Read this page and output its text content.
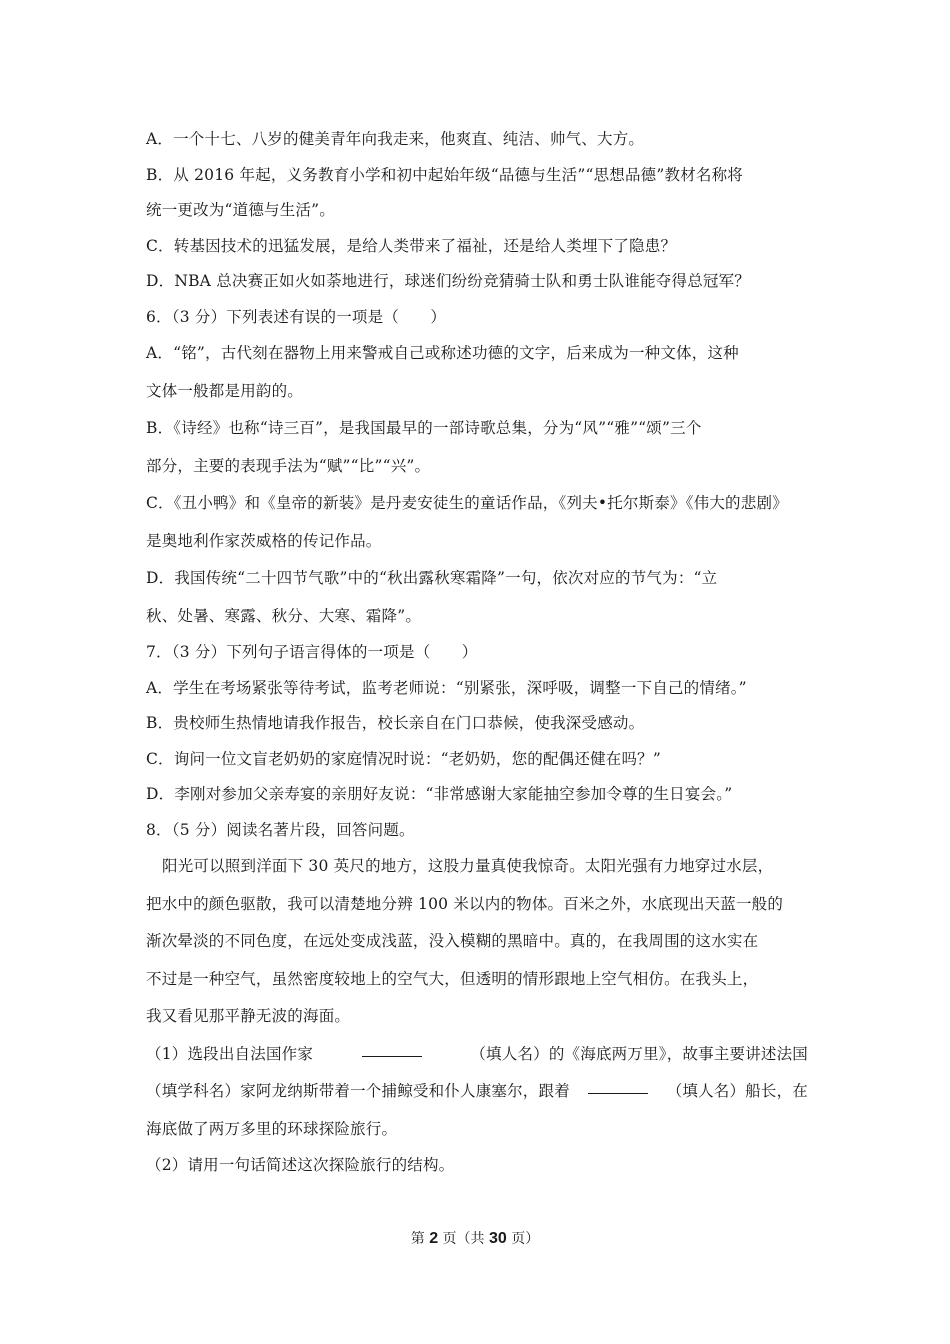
A．一个十七、八岁的健美青年向我走来，他爽直、纯洁、帅气、大方。
B．从 2016 年起，义务教育小学和初中起始年级“品德与生活”“思想品德”教材名称将
统一更改为“道德与生活”。
C．转基因技术的迅猛发展，是给人类带来了福祉，还是给人类埋下了隐患？
D．NBA 总决赛正如火如荼地进行，球迷们纷纷竞猜骑士队和勇士队谁能夺得总冠军？
6．（3 分）下列表述有误的一项是（　　）
A．“铭”，古代刻在器物上用来警戒自己或称述功德的文字，后来成为一种文体，这种
文体一般都是用韵的。
B．《诗经》也称“诗三百”，是我国最早的一部诗歌总集，分为“风”“雅”“颂”三个
部分，主要的表现手法为“赋”“比”“兴”。
C．《丑小鸭》和《皇帝的新装》是丹麦安徒生的童话作品，《列夫•托尔斯泰》《伟大的悲剧》
是奥地利作家茨威格的传记作品。
D．我国传统“二十四节气歌”中的“秋出露秋寒霜降”一句，依次对应的节气为：“立
秋、处暑、寒露、秋分、大寒、霜降”。
7．（3 分）下列句子语言得体的一项是（　　）
A．学生在考场紧张等待考试，监考老师说：“别紧张，深呼吸，调整一下自己的情绪。”
B．贵校师生热情地请我作报告，校长亲自在门口恭候，使我深受感动。
C．询问一位文盲老奶奶的家庭情况时说：“老奶奶，您的配偶还健在吗？”
D．李刚对参加父亲寿宴的亲朋好友说：“非常感谢大家能抽空参加令尊的生日宴会。”
8．（5 分）阅读名著片段，回答问题。
阳光可以照到洋面下 30 英尺的地方，这股力量真使我惊奇。太阳光强有力地穿过水层，
把水中的颜色驱散，我可以清楚地分辨 100 米以内的物体。百米之外，水底现出天蓝一般的
渐次晕淡的不同色度，在远处变成浅蓝，没入模糊的黑暗中。真的，在我周围的这水实在
不过是一种空气，虽然密度较地上的空气大，但透明的情形跟地上空气相仿。在我头上，
我又看见那平静无波的海面。
（1）选段出自法国作家	（填人名）的《海底两万里》，故事主要讲述法国
（填学科名）家阿龙纳斯带着一个捕鲸受和仆人康塞尔，跟着	（填人名）船长，在
海底做了两万多里的环球探险旅行。
（2）请用一句话简述这次探险旅行的结构。
第 2 页（共 30 页）
